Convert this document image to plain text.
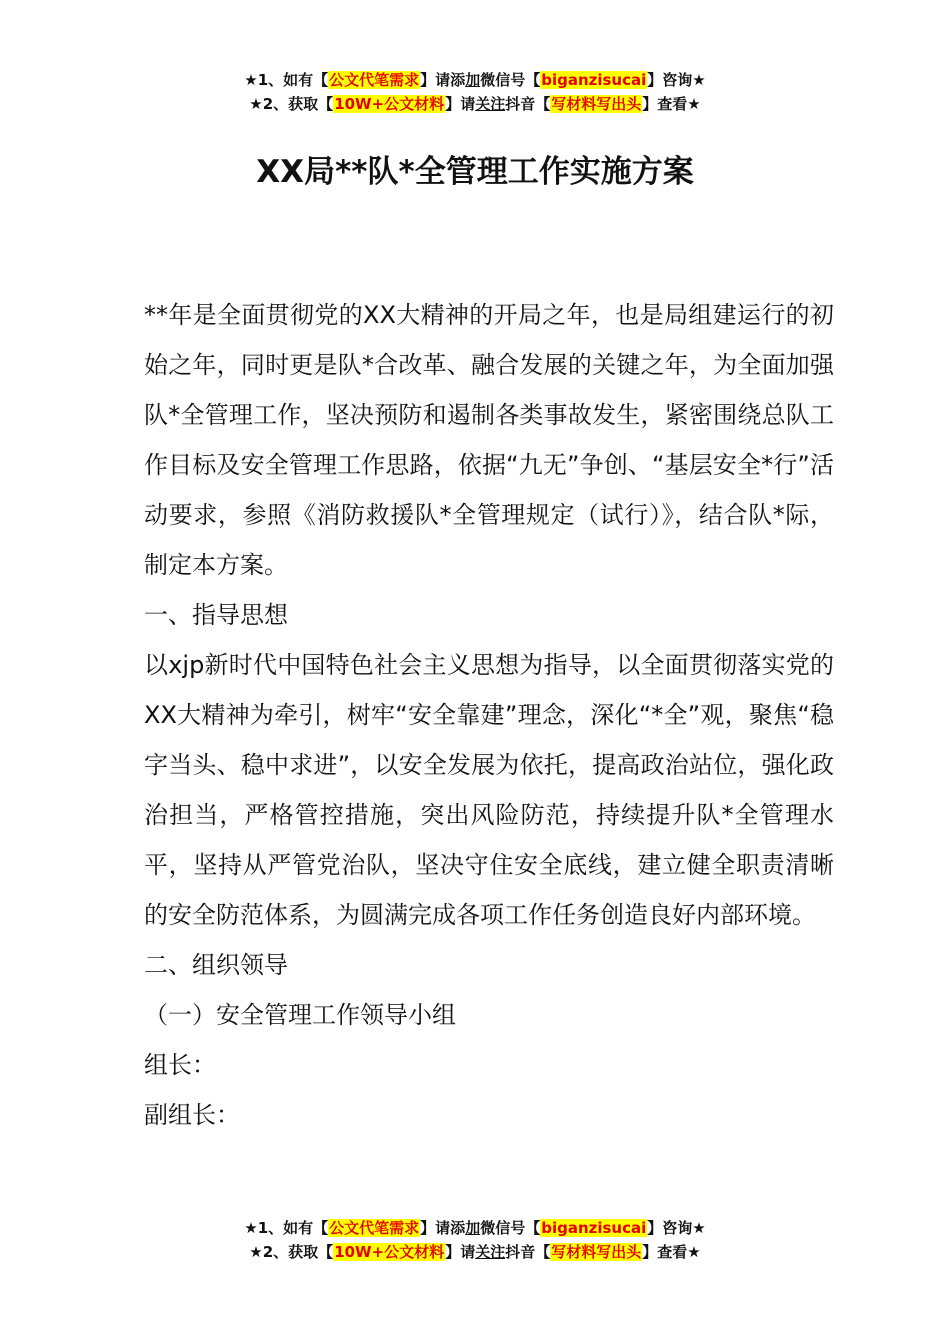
★1、如有【公文代笔需求】请添加微信号【biganzisucai】咨询★
★2、获取【10W+公文材料】请关注抖音【写材料写出头】查看★
XX局**队*全管理工作实施方案

**年是全面贯彻党的XX大精神的开局之年，也是局组建运行的初始之年，同时更是队*合改革、融合发展的关键之年，为全面加强队*全管理工作，坚决预防和遏制各类事故发生，紧密围绕总队工作目标及安全管理工作思路，依据“九无”争创、“基层安全*行”活动要求，参照《消防救援队*全管理规定（试行）》，结合队*际，制定本方案。

一、指导思想

以xjp新时代中国特色社会主义思想为指导，以全面贯彻落实党的XX大精神为牵引，树牢“安全靠建”理念，深化“*全”观，聚焦“稳字当头、稳中求进”，以安全发展为依托，提高政治站位，强化政治担当，严格管控措施，突出风险防范，持续提升队*全管理水平，坚持从严管党治队，坚决守住安全底线，建立健全职责清晰的安全防范体系，为圆满完成各项工作任务创造良好内部环境。

二、组织领导

（一）安全管理工作领导小组

组长：

副组长：

★1、如有【公文代笔需求】请添加微信号【biganzisucai】咨询★
★2、获取【10W+公文材料】请关注抖音【写材料写出头】查看★
